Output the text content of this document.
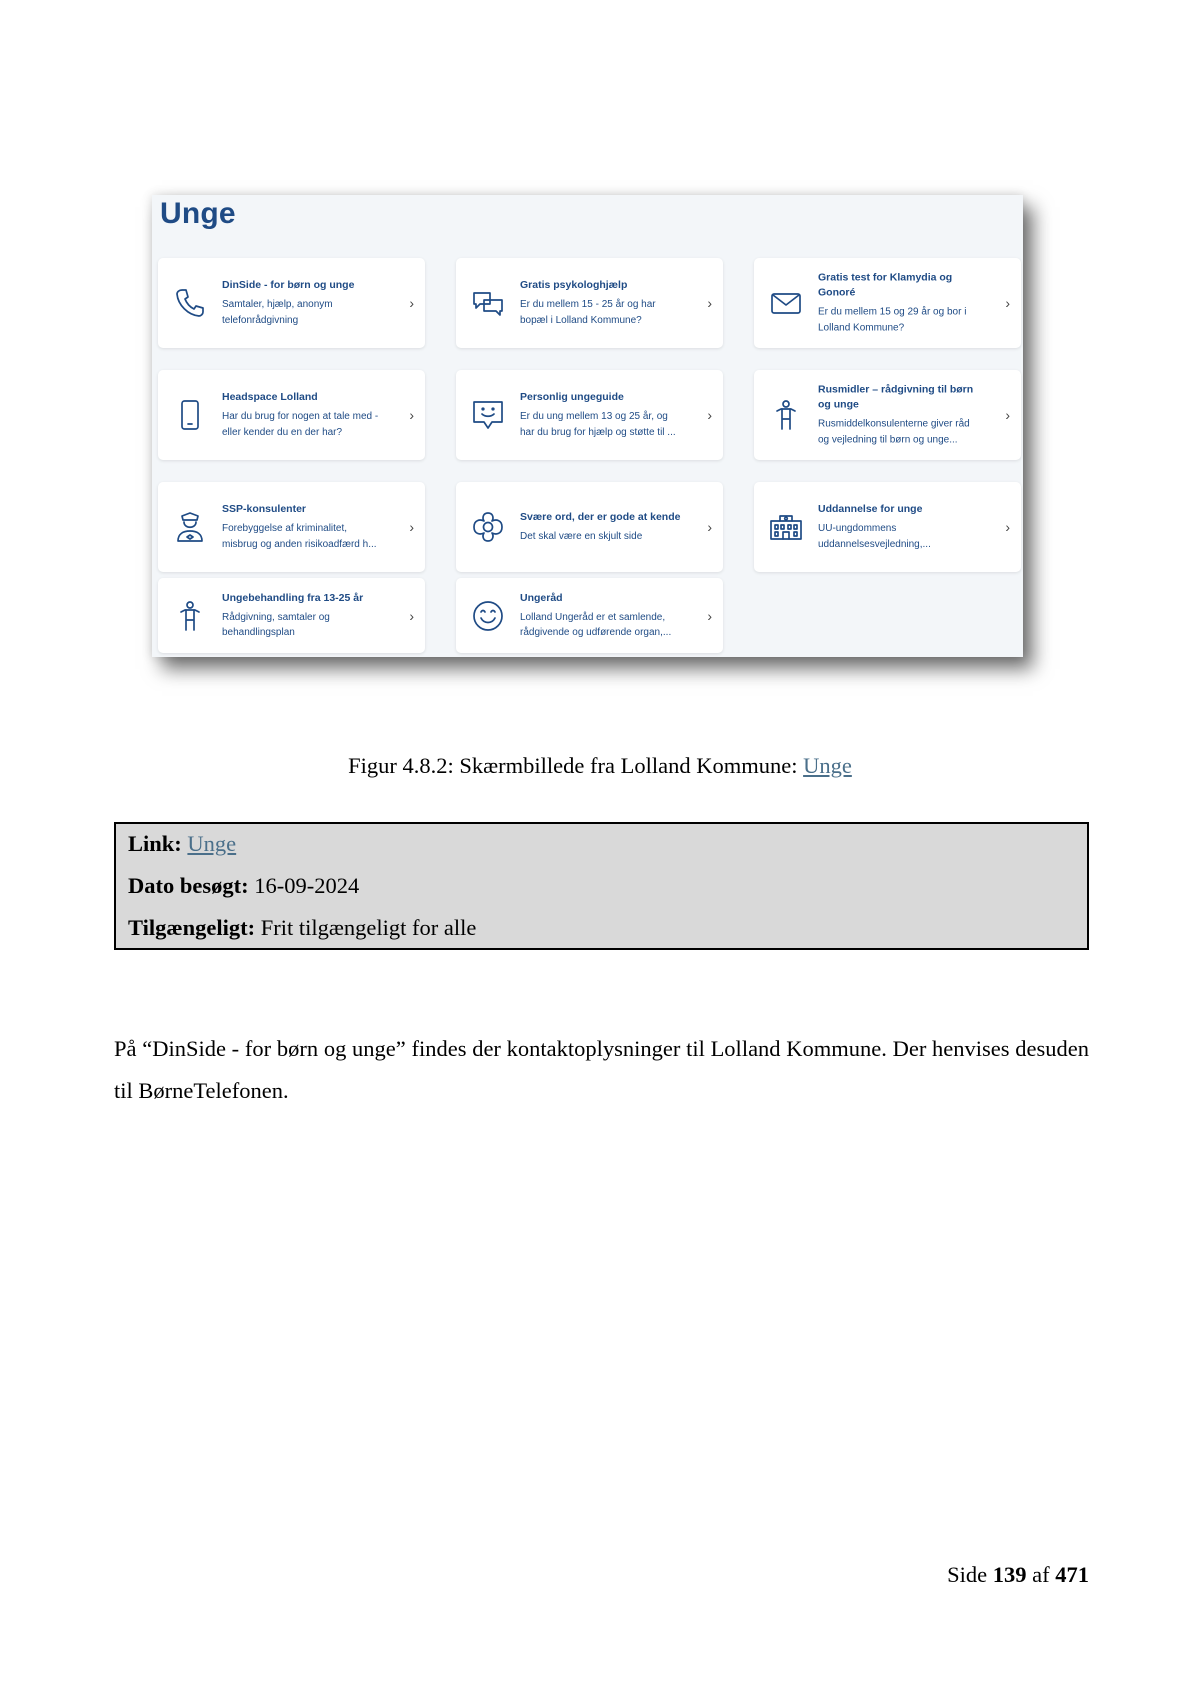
Unge
DinSide - for børn og unge
Samtaler, hjælp, anonym
telefonrådgivning
›
Gratis psykologhjælp
Er du mellem 15 - 25 år og har
bopæl i Lolland Kommune?
›
Gratis test for Klamydia og
Gonoré
Er du mellem 15 og 29 år og bor i
Lolland Kommune?
›
Headspace Lolland
Har du brug for nogen at tale med -
eller kender du en der har?
›
Personlig ungeguide
Er du ung mellem 13 og 25 år, og
har du brug for hjælp og støtte til ...
›
Rusmidler – rådgivning til børn
og unge
Rusmiddelkonsulenterne giver råd
og vejledning til børn og unge...
›
SSP-konsulenter
Forebyggelse af kriminalitet,
misbrug og anden risikoadfærd h...
›
Svære ord, der er gode at kende
Det skal være en skjult side
›
Uddannelse for unge
UU-ungdommens
uddannelsesvejledning,...
›
Ungebehandling fra 13-25 år
Rådgivning, samtaler og
behandlingsplan
›
Ungeråd
Lolland Ungeråd er et samlende,
rådgivende og udførende organ,...
›
Figur 4.8.2: Skærmbillede fra Lolland Kommune: Unge
Link: Unge
Dato besøgt: 16-09-2024
Tilgængeligt: Frit tilgængeligt for alle

På “DinSide - for børn og unge” findes der kontaktoplysninger til Lolland Kommune. Der henvises desuden til BørneTelefonen.

Side 139 af 471
